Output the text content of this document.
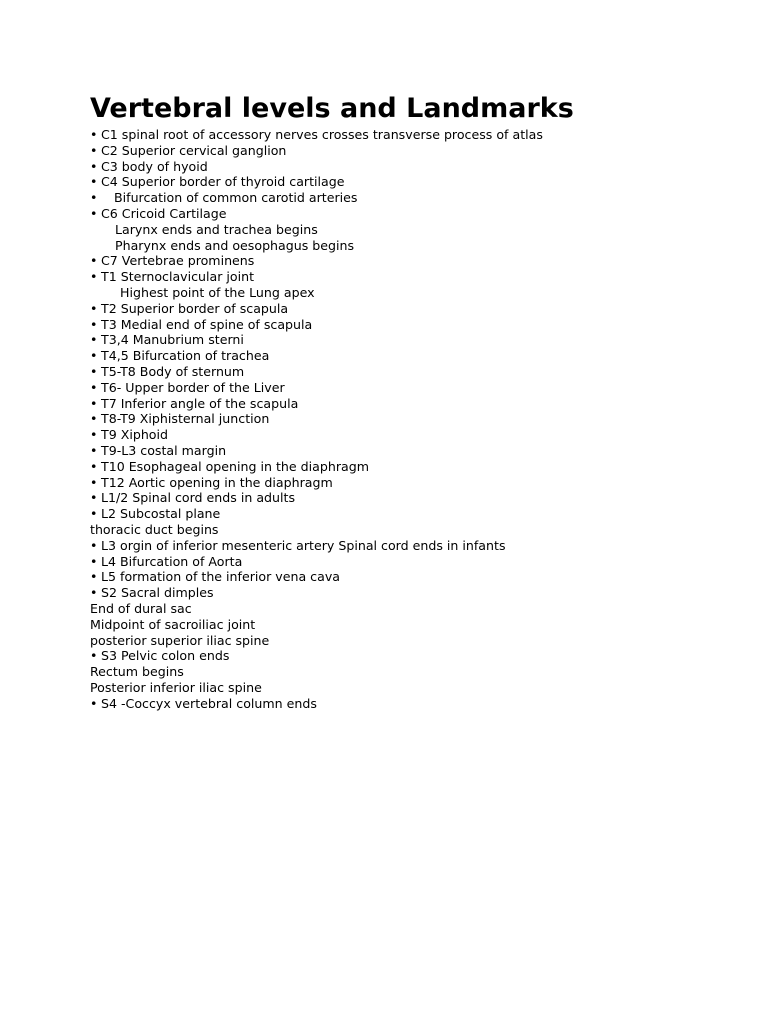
Vertebral levels and Landmarks
• C1 spinal root of accessory nerves crosses transverse process of atlas
• C2 Superior cervical ganglion
• C3 body of hyoid
• C4 Superior border of thyroid cartilage
• Bifurcation of common carotid arteries
• C6 Cricoid Cartilage
Larynx ends and trachea begins
Pharynx ends and oesophagus begins
• C7 Vertebrae prominens
• T1 Sternoclavicular joint
Highest point of the Lung apex
• T2 Superior border of scapula
• T3 Medial end of spine of scapula
• T3,4 Manubrium sterni
• T4,5 Bifurcation of trachea
• T5-T8 Body of sternum
• T6- Upper border of the Liver
• T7 Inferior angle of the scapula
• T8-T9 Xiphisternal junction
• T9 Xiphoid
• T9-L3 costal margin
• T10 Esophageal opening in the diaphragm
• T12 Aortic opening in the diaphragm
• L1/2 Spinal cord ends in adults
• L2 Subcostal plane
thoracic duct begins
• L3 orgin of inferior mesenteric artery Spinal cord ends in infants
• L4 Bifurcation of Aorta
• L5 formation of the inferior vena cava
• S2 Sacral dimples
End of dural sac
Midpoint of sacroiliac joint
posterior superior iliac spine
• S3 Pelvic colon ends
Rectum begins
Posterior inferior iliac spine
• S4 -Coccyx vertebral column ends
